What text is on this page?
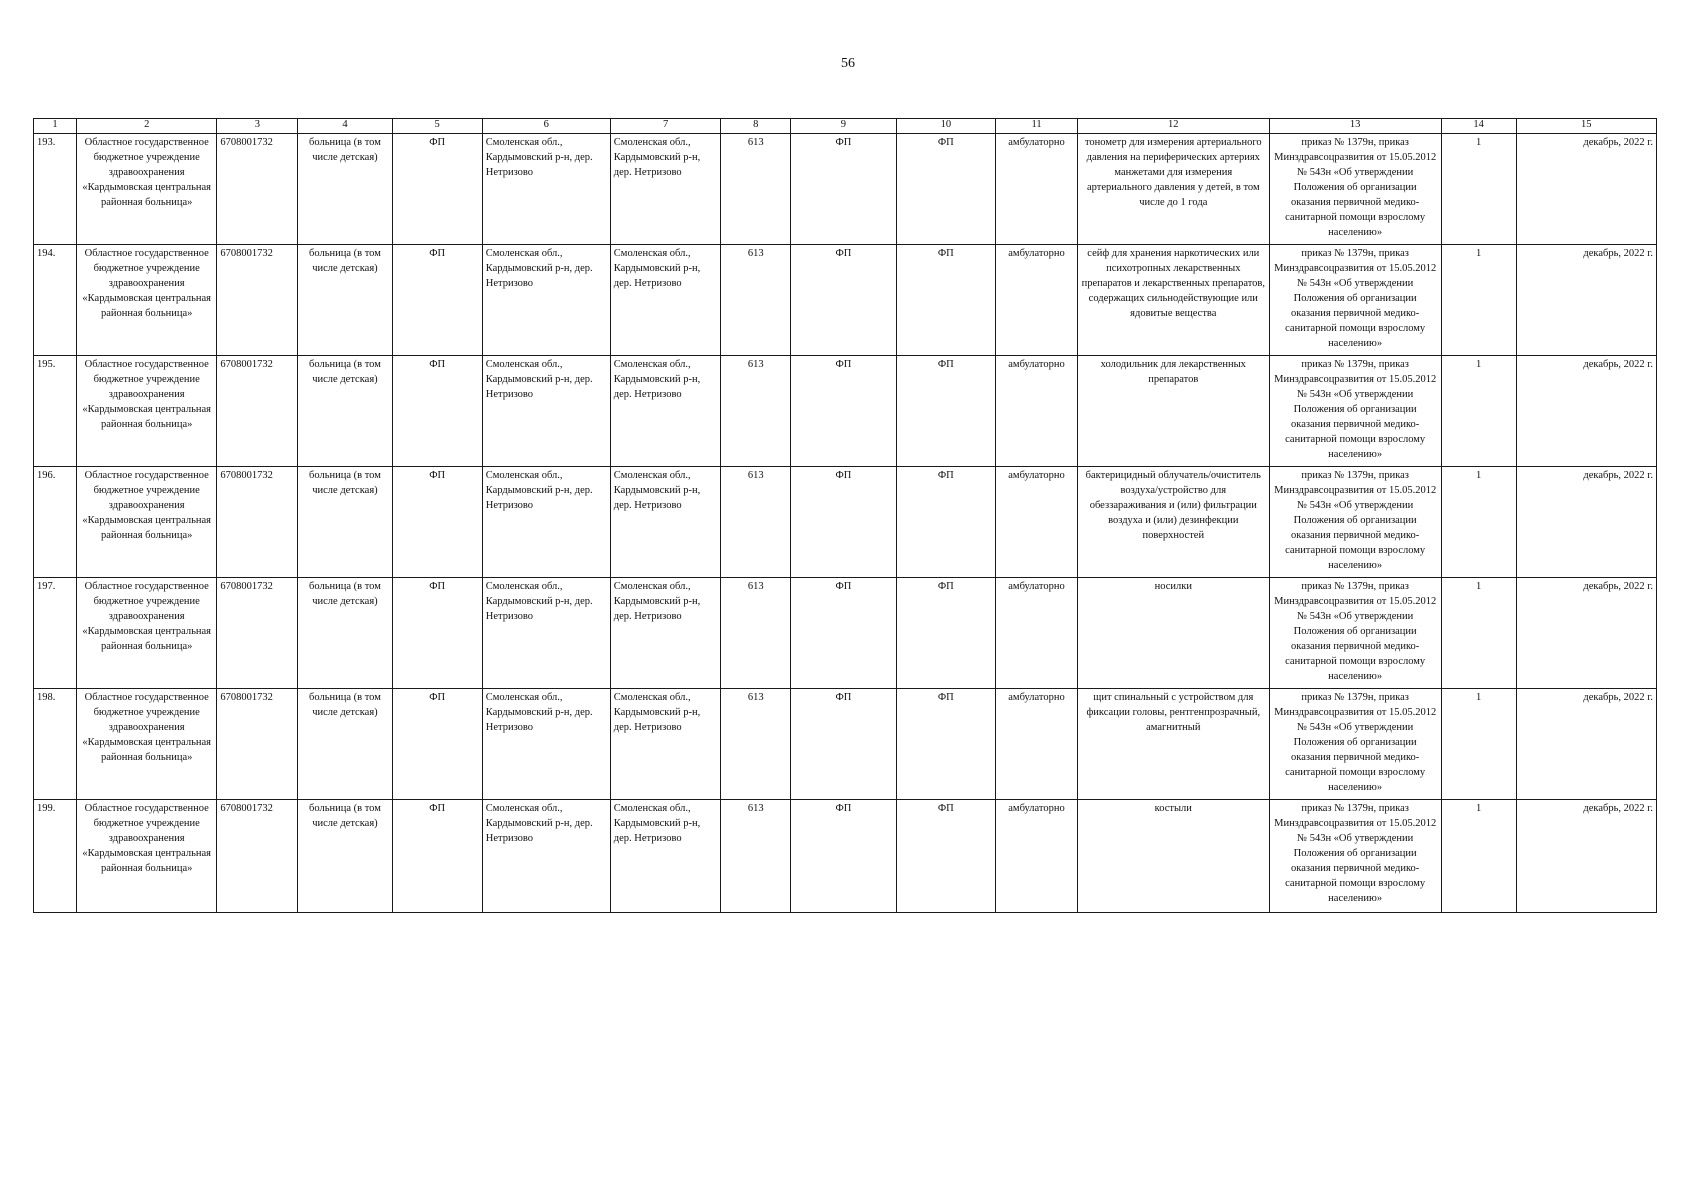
56
1	2	3	4	5	6	7	8	9	10	11	12	13	14	15
193.	Областное государственное бюджетное учреждение здравоохранения «Кардымовская центральная районная больница»	6708001732	больница (в том числе детская)	ФП	Смоленская обл., Кардымовский р-н, дер. Нетризово	Смоленская обл., Кардымовский р-н, дер. Нетризово	613	ФП	ФП	амбулаторно	тонометр для измерения артериального давления на периферических артериях манжетами для измерения артериального давления у детей, в том числе до 1 года	приказ № 1379н, приказ Минздравсоцразвития от 15.05.2012 № 543н «Об утверждении Положения об организации оказания первичной медико-санитарной помощи взрослому населению»	1	декабрь, 2022 г.
194.	Областное государственное бюджетное учреждение здравоохранения «Кардымовская центральная районная больница»	6708001732	больница (в том числе детская)	ФП	Смоленская обл., Кардымовский р-н, дер. Нетризово	Смоленская обл., Кардымовский р-н, дер. Нетризово	613	ФП	ФП	амбулаторно	сейф для хранения наркотических или психотропных лекарственных препаратов и лекарственных препаратов, содержащих сильнодействующие или ядовитые вещества	приказ № 1379н, приказ Минздравсоцразвития от 15.05.2012 № 543н «Об утверждении Положения об организации оказания первичной медико-санитарной помощи взрослому населению»	1	декабрь, 2022 г.
195.	Областное государственное бюджетное учреждение здравоохранения «Кардымовская центральная районная больница»	6708001732	больница (в том числе детская)	ФП	Смоленская обл., Кардымовский р-н, дер. Нетризово	Смоленская обл., Кардымовский р-н, дер. Нетризово	613	ФП	ФП	амбулаторно	холодильник для лекарственных препаратов	приказ № 1379н, приказ Минздравсоцразвития от 15.05.2012 № 543н «Об утверждении Положения об организации оказания первичной медико-санитарной помощи взрослому населению»	1	декабрь, 2022 г.
196.	Областное государственное бюджетное учреждение здравоохранения «Кардымовская центральная районная больница»	6708001732	больница (в том числе детская)	ФП	Смоленская обл., Кардымовский р-н, дер. Нетризово	Смоленская обл., Кардымовский р-н, дер. Нетризово	613	ФП	ФП	амбулаторно	бактерицидный облучатель/очиститель воздуха/устройство для обеззараживания и (или) фильтрации воздуха и (или) дезинфекции поверхностей	приказ № 1379н, приказ Минздравсоцразвития от 15.05.2012 № 543н «Об утверждении Положения об организации оказания первичной медико-санитарной помощи взрослому населению»	1	декабрь, 2022 г.
197.	Областное государственное бюджетное учреждение здравоохранения «Кардымовская центральная районная больница»	6708001732	больница (в том числе детская)	ФП	Смоленская обл., Кардымовский р-н, дер. Нетризово	Смоленская обл., Кардымовский р-н, дер. Нетризово	613	ФП	ФП	амбулаторно	носилки	приказ № 1379н, приказ Минздравсоцразвития от 15.05.2012 № 543н «Об утверждении Положения об организации оказания первичной медико-санитарной помощи взрослому населению»	1	декабрь, 2022 г.
198.	Областное государственное бюджетное учреждение здравоохранения «Кардымовская центральная районная больница»	6708001732	больница (в том числе детская)	ФП	Смоленская обл., Кардымовский р-н, дер. Нетризово	Смоленская обл., Кардымовский р-н, дер. Нетризово	613	ФП	ФП	амбулаторно	щит спинальный с устройством для фиксации головы, рентгенпрозрачный, амагнитный	приказ № 1379н, приказ Минздравсоцразвития от 15.05.2012 № 543н «Об утверждении Положения об организации оказания первичной медико-санитарной помощи взрослому населению»	1	декабрь, 2022 г.
199.	Областное государственное бюджетное учреждение здравоохранения «Кардымовская центральная районная больница»	6708001732	больница (в том числе детская)	ФП	Смоленская обл., Кардымовский р-н, дер. Нетризово	Смоленская обл., Кардымовский р-н, дер. Нетризово	613	ФП	ФП	амбулаторно	костыли	приказ № 1379н, приказ Минздравсоцразвития от 15.05.2012 № 543н «Об утверждении Положения об организации оказания первичной медико-санитарной помощи взрослому населению»	1	декабрь, 2022 г.
